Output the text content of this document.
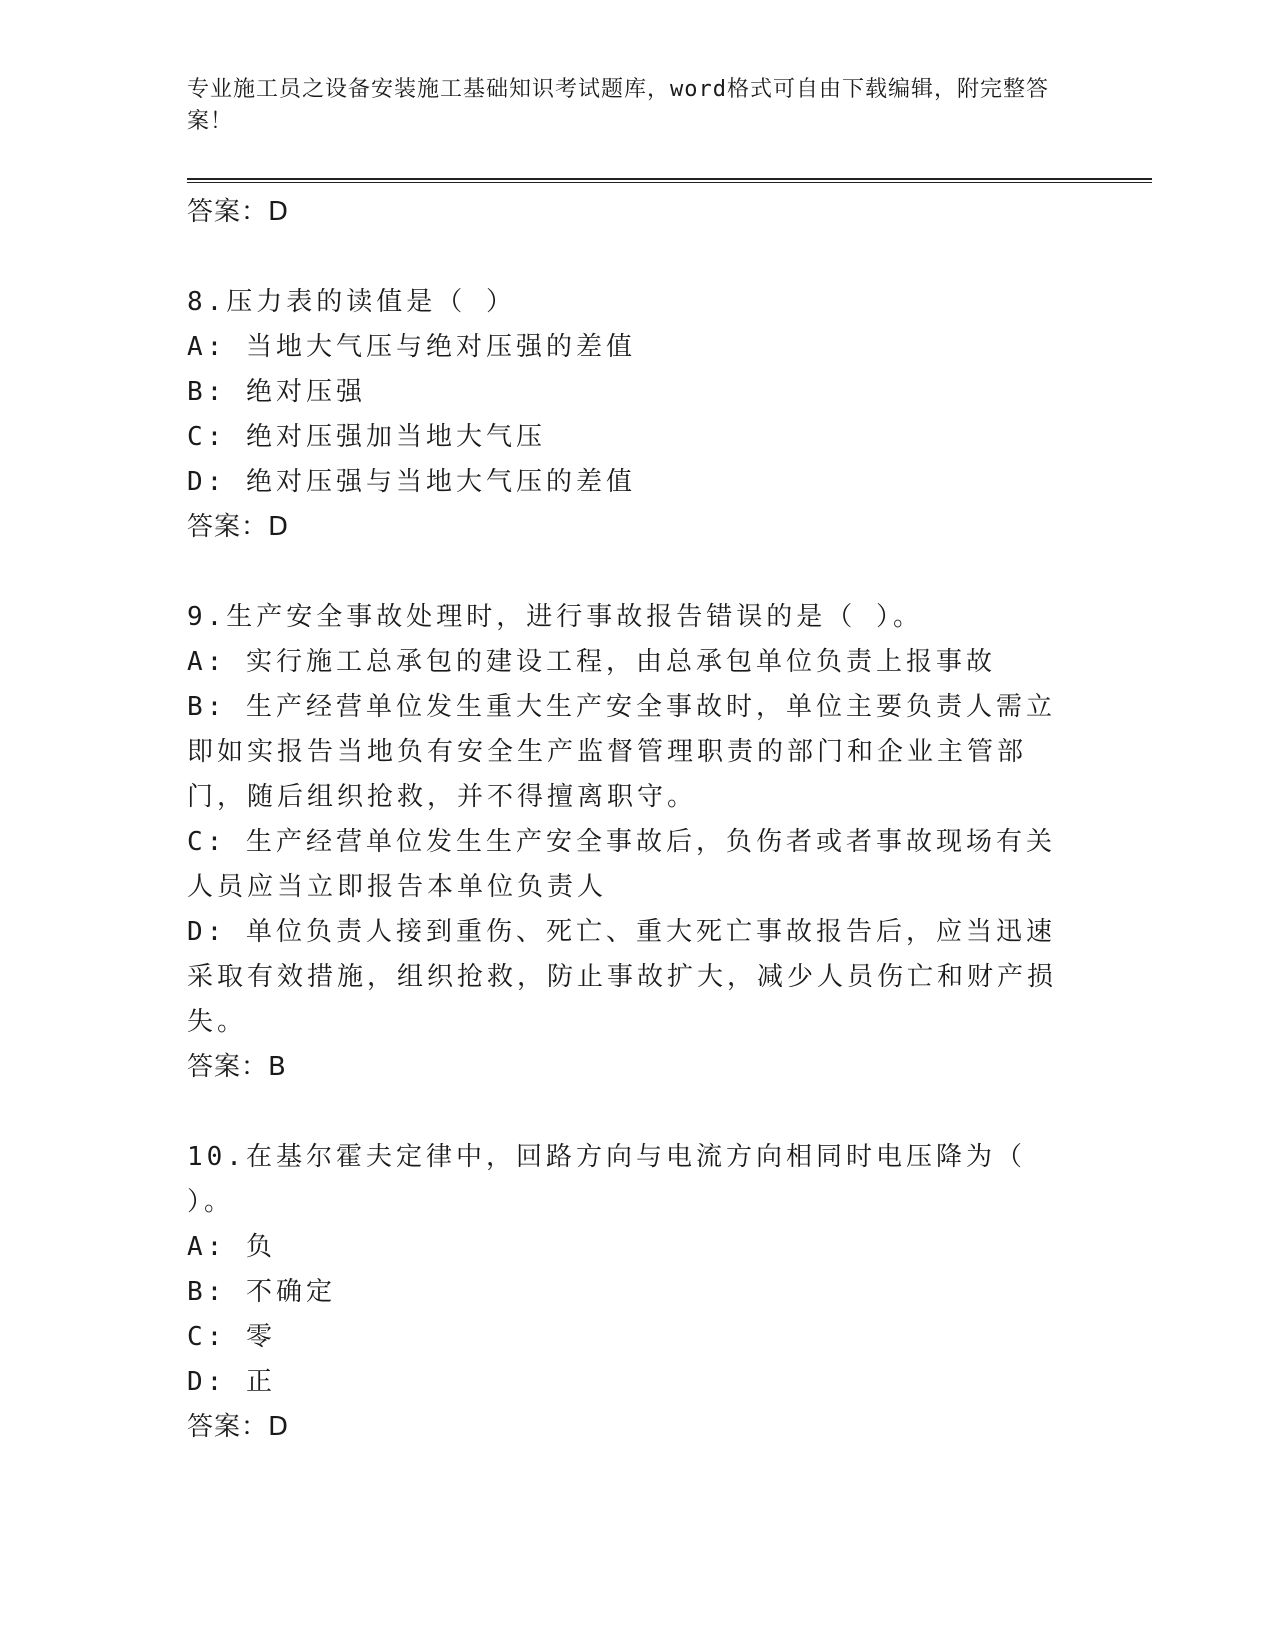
专业施工员之设备安装施工基础知识考试题库，word格式可自由下载编辑，附完整答案！
答案：D

8.压力表的读值是（ ）

A: 当地大气压与绝对压强的差值

B: 绝对压强

C: 绝对压强加当地大气压

D: 绝对压强与当地大气压的差值

答案：D

9.生产安全事故处理时，进行事故报告错误的是（ ）。

A: 实行施工总承包的建设工程，由总承包单位负责上报事故

B: 生产经营单位发生重大生产安全事故时，单位主要负责人需立即如实报告当地负有安全生产监督管理职责的部门和企业主管部门，随后组织抢救，并不得擅离职守。

C: 生产经营单位发生生产安全事故后，负伤者或者事故现场有关人员应当立即报告本单位负责人

D: 单位负责人接到重伤、死亡、重大死亡事故报告后，应当迅速采取有效措施，组织抢救，防止事故扩大，减少人员伤亡和财产损失。

答案：B

10.在基尔霍夫定律中，回路方向与电流方向相同时电压降为（ ）。

A: 负

B: 不确定

C: 零

D: 正

答案：D
